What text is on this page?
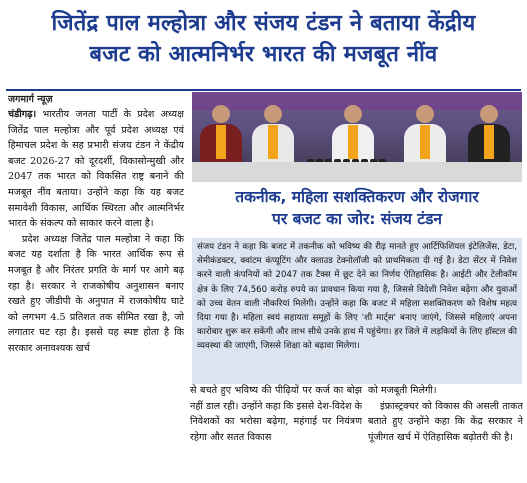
जितेंद्र पाल मल्होत्रा और संजय टंडन ने बताया केंद्रीय
बजट को आत्मनिर्भर भारत की मजबूत नींव
जगमार्ग न्यूज़

चंडीगढ़। भारतीय जनता पार्टी के प्रदेश अध्यक्ष जितेंद्र पाल मल्होत्रा और पूर्व प्रदेश अध्यक्ष एवं हिमाचल प्रदेश के सह प्रभारी संजय टंडन ने केंद्रीय बजट 2026-27 को दूरदर्शी, विकासोन्मुखी और 2047 तक भारत को विकसित राष्ट्र बनाने की मजबूत नींव बताया। उन्होंने कहा कि यह बजट समावेशी विकास, आर्थिक स्थिरता और आत्मनिर्भर भारत के संकल्प को साकार करने वाला है।

प्रदेश अध्यक्ष जितेंद्र पाल मल्होत्रा ने कहा कि बजट यह दर्शाता है कि भारत आर्थिक रूप से मजबूत है और निरंतर प्रगति के मार्ग पर आगे बढ़ रहा है। सरकार ने राजकोषीय अनुशासन बनाए रखते हुए जीडीपी के अनुपात में राजकोषीय घाटे को लगभग 4.5 प्रतिशत तक सीमित रखा है, जो लगातार घट रहा है। इससे यह स्पष्ट होता है कि सरकार अनावश्यक खर्च

तकनीक, महिला सशक्तिकरण और रोजगार
पर बजट का जोर: संजय टंडन

संजय टंडन ने कहा कि बजट में तकनीक को भविष्य की रीढ़ मानते हुए आर्टिफिशियल इंटेलिजेंस, डेटा, सेमीकंडक्टर, क्वांटम कंप्यूटिंग और क्लाउड टेक्नोलॉजी को प्राथमिकता दी गई है। डेटा सेंटर में निवेश करने वाली कंपनियों को 2047 तक टैक्स में छूट देने का निर्णय ऐतिहासिक है। आईटी और टेलीकॉम क्षेत्र के लिए 74,560 करोड़ रुपये का प्रावधान किया गया है, जिससे विदेशी निवेश बढ़ेगा और युवाओं को उच्च वेतन वाली नौकरियां मिलेंगी। उन्होंने कहा कि बजट में महिला सशक्तिकरण को विशेष महत्व दिया गया है। महिला स्वयं सहायता समूहों के लिए 'शी मार्ट्स' बनाए जाएंगे, जिससे महिलाएं अपना कारोबार शुरू कर सकेंगी और लाभ सीधे उनके हाथ में पहुंचेगा। हर जिले में लड़कियों के लिए हॉस्टल की व्यवस्था की जाएगी, जिससे शिक्षा को बढ़ावा मिलेगा।

से बचते हुए भविष्य की पीढ़ियों पर कर्ज का बोझ नहीं डाल रही। उन्होंने कहा कि इससे देश-विदेश के निवेशकों का भरोसा बढ़ेगा, महंगाई पर नियंत्रण रहेगा और सतत विकास

को मजबूती मिलेगी।

इंफ्रास्ट्रक्चर को विकास की असली ताकत बताते हुए उन्होंने कहा कि केंद्र सरकार ने पूंजीगत खर्च में ऐतिहासिक बढ़ोतरी की है।
